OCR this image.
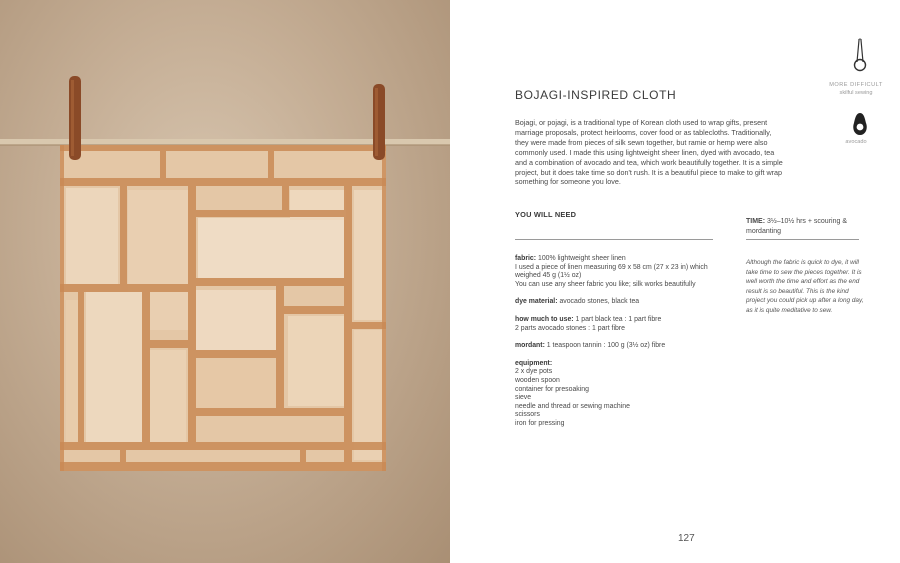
MORE DIFFICULT
skilful sewing
avocado
BOJAGI-INSPIRED CLOTH
Bojagi, or pojagi, is a traditional type of Korean cloth used to wrap gifts, present marriage proposals, protect heirlooms, cover food or as tablecloths. Traditionally, they were made from pieces of silk sewn together, but ramie or hemp were also commonly used. I made this using lightweight sheer linen, dyed with avocado, tea and a combination of avocado and tea, which work beautifully together. It is a simple project, but it does take time so don't rush. It is a beautiful piece to make to gift wrap something for someone you love.
YOU WILL NEED
TIME: 3½–10½ hrs + scouring & mordanting
Although the fabric is quick to dye, it will take time to sew the pieces together. It is well worth the time and effort as the end result is so beautiful. This is the kind project you could pick up after a long day, as it is quite meditative to sew.
fabric: 100% lightweight sheer linen
I used a piece of linen measuring 69 x 58 cm (27 x 23 in) which
weighed 45 g (1½ oz)
You can use any sheer fabric you like; silk works beautifully
dye material: avocado stones, black tea
how much to use: 1 part black tea : 1 part fibre
2 parts avocado stones : 1 part fibre
mordant: 1 teaspoon tannin : 100 g (3½ oz) fibre
equipment:
2 x dye pots
wooden spoon
container for presoaking
sieve
needle and thread or sewing machine
scissors
iron for pressing
127
